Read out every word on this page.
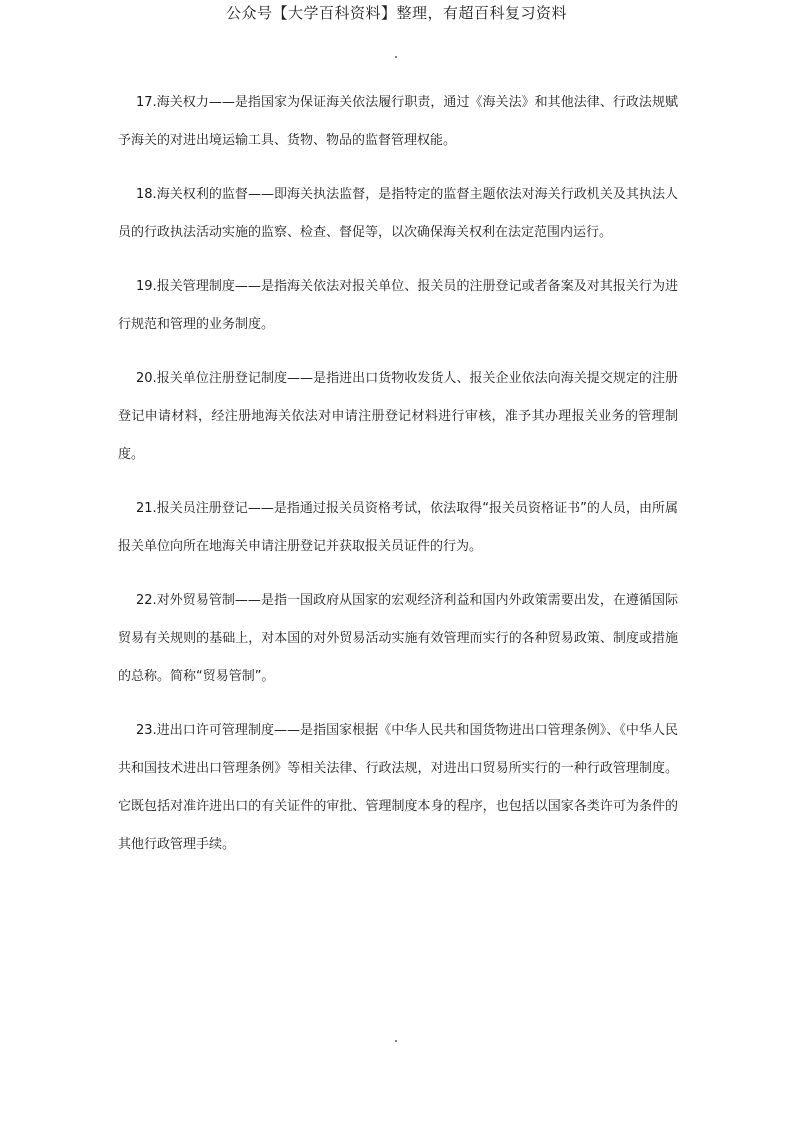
公众号【大学百科资料】整理，有超百科复习资料

17.海关权力——是指国家为保证海关依法履行职责，通过《海关法》和其他法律、行政法规赋予海关的对进出境运输工具、货物、物品的监督管理权能。

18.海关权利的监督——即海关执法监督，是指特定的监督主题依法对海关行政机关及其执法人员的行政执法活动实施的监察、检查、督促等，以次确保海关权利在法定范围内运行。

19.报关管理制度——是指海关依法对报关单位、报关员的注册登记或者备案及对其报关行为进行规范和管理的业务制度。

20.报关单位注册登记制度——是指进出口货物收发货人、报关企业依法向海关提交规定的注册登记申请材料，经注册地海关依法对申请注册登记材料进行审核，准予其办理报关业务的管理制度。

21.报关员注册登记——是指通过报关员资格考试，依法取得“报关员资格证书”的人员，由所属报关单位向所在地海关申请注册登记并获取报关员证件的行为。

22.对外贸易管制——是指一国政府从国家的宏观经济利益和国内外政策需要出发，在遵循国际贸易有关规则的基础上，对本国的对外贸易活动实施有效管理而实行的各种贸易政策、制度或措施的总称。简称“贸易管制”。

23.进出口许可管理制度——是指国家根据《中华人民共和国货物进出口管理条例》、《中华人民共和国技术进出口管理条例》等相关法律、行政法规，对进出口贸易所实行的一种行政管理制度。它既包括对准许进出口的有关证件的审批、管理制度本身的程序，也包括以国家各类许可为条件的其他行政管理手续。
